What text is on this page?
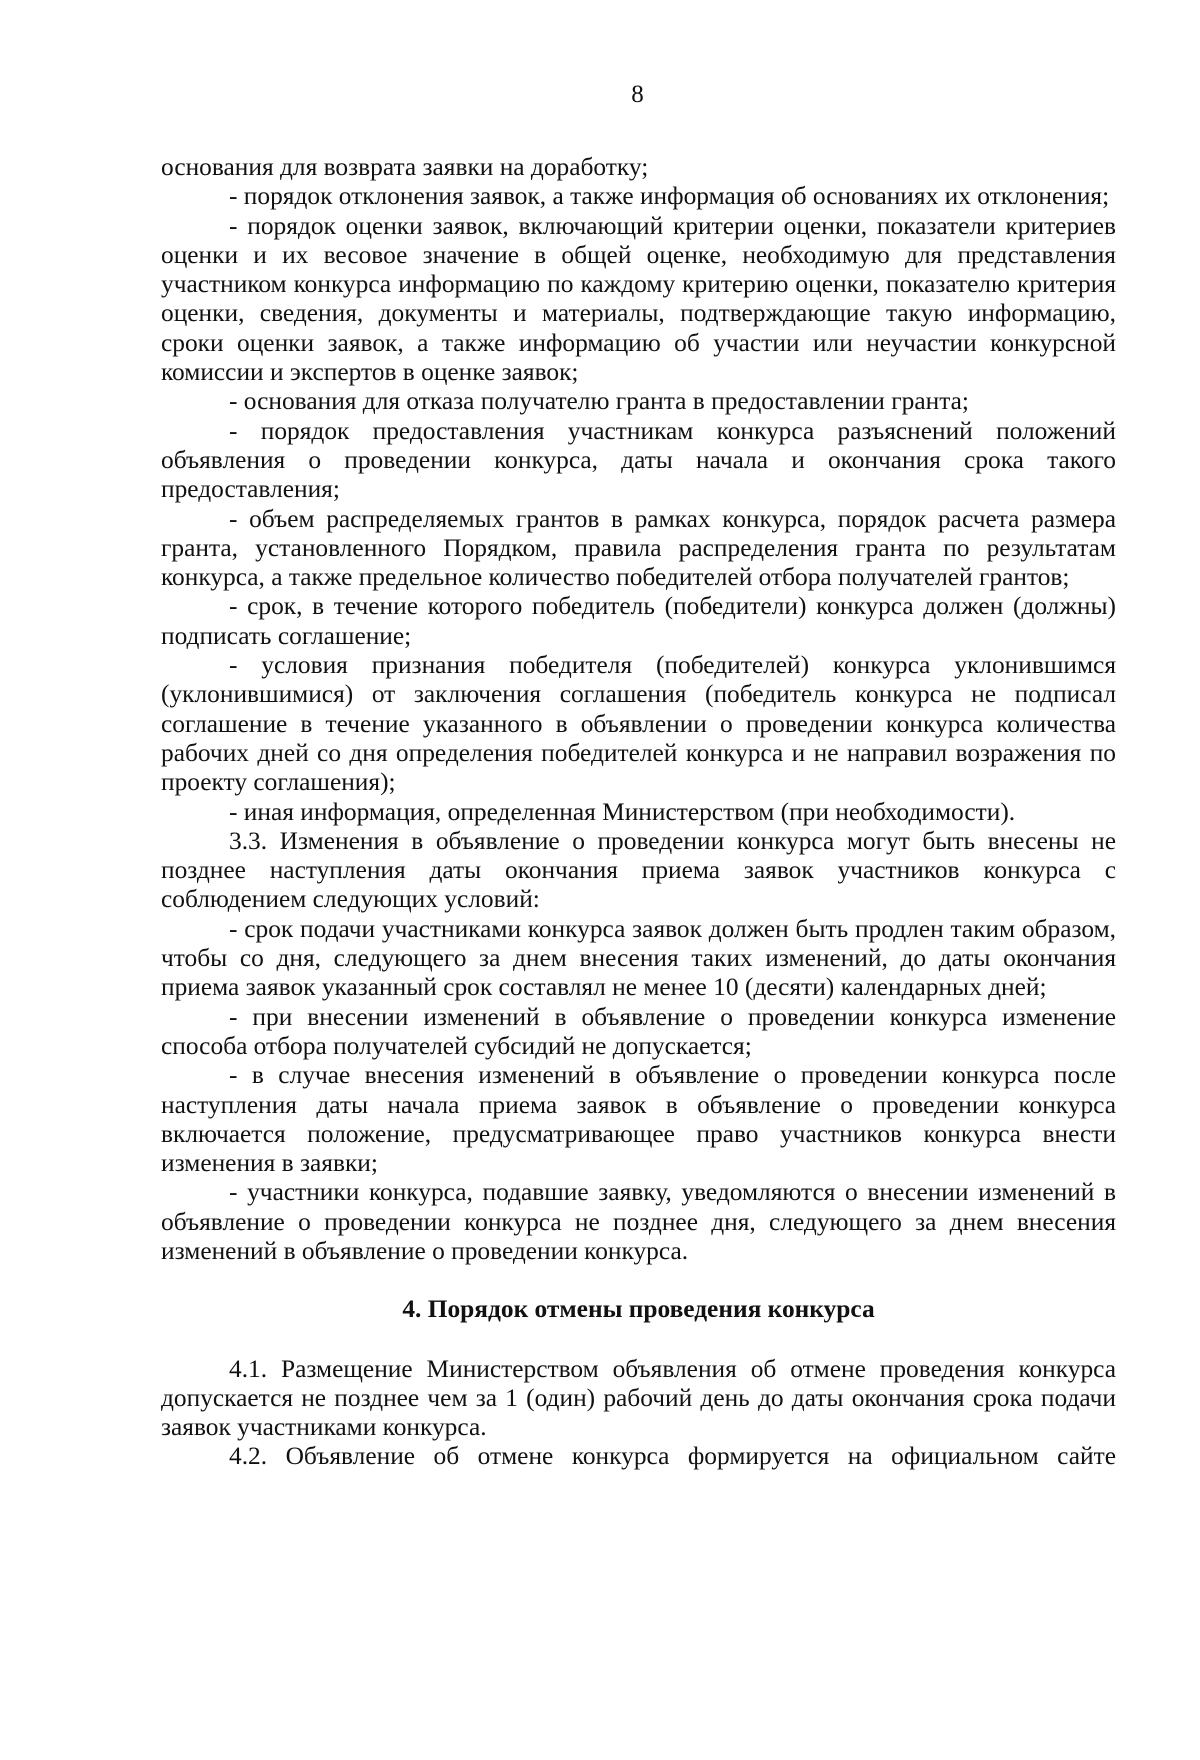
8

основания для возврата заявки на доработку;

- порядок отклонения заявок, а также информация об основаниях их отклонения;

- порядок оценки заявок, включающий критерии оценки, показатели критериев оценки и их весовое значение в общей оценке, необходимую для представления участником конкурса информацию по каждому критерию оценки, показателю критерия оценки, сведения, документы и материалы, подтверждающие такую информацию, сроки оценки заявок, а также информацию об участии или неучастии конкурсной комиссии и экспертов в оценке заявок;

- основания для отказа получателю гранта в предоставлении гранта;

- порядок предоставления участникам конкурса разъяснений положений объявления о проведении конкурса, даты начала и окончания срока такого предоставления;

- объем распределяемых грантов в рамках конкурса, порядок расчета размера гранта, установленного Порядком, правила распределения гранта по результатам конкурса, а также предельное количество победителей отбора получателей грантов;

- срок, в течение которого победитель (победители) конкурса должен (должны) подписать соглашение;

- условия признания победителя (победителей) конкурса уклонившимся (уклонившимися) от заключения соглашения (победитель конкурса не подписал соглашение в течение указанного в объявлении о проведении конкурса количества рабочих дней со дня определения победителей конкурса и не направил возражения по проекту соглашения);

- иная информация, определенная Министерством (при необходимости).

3.3. Изменения в объявление о проведении конкурса могут быть внесены не позднее наступления даты окончания приема заявок участников конкурса с соблюдением следующих условий:

- срок подачи участниками конкурса заявок должен быть продлен таким образом, чтобы со дня, следующего за днем внесения таких изменений, до даты окончания приема заявок указанный срок составлял не менее 10 (десяти) календарных дней;

- при внесении изменений в объявление о проведении конкурса изменение способа отбора получателей субсидий не допускается;

- в случае внесения изменений в объявление о проведении конкурса после наступления даты начала приема заявок в объявление о проведении конкурса включается положение, предусматривающее право участников конкурса внести изменения в заявки;

- участники конкурса, подавшие заявку, уведомляются о внесении изменений в объявление о проведении конкурса не позднее дня, следующего за днем внесения изменений в объявление о проведении конкурса.

4. Порядок отмены проведения конкурса

4.1. Размещение Министерством объявления об отмене проведения конкурса допускается не позднее чем за 1 (один) рабочий день до даты окончания срока подачи заявок участниками конкурса.

4.2. Объявление об отмене конкурса формируется на официальном сайте
